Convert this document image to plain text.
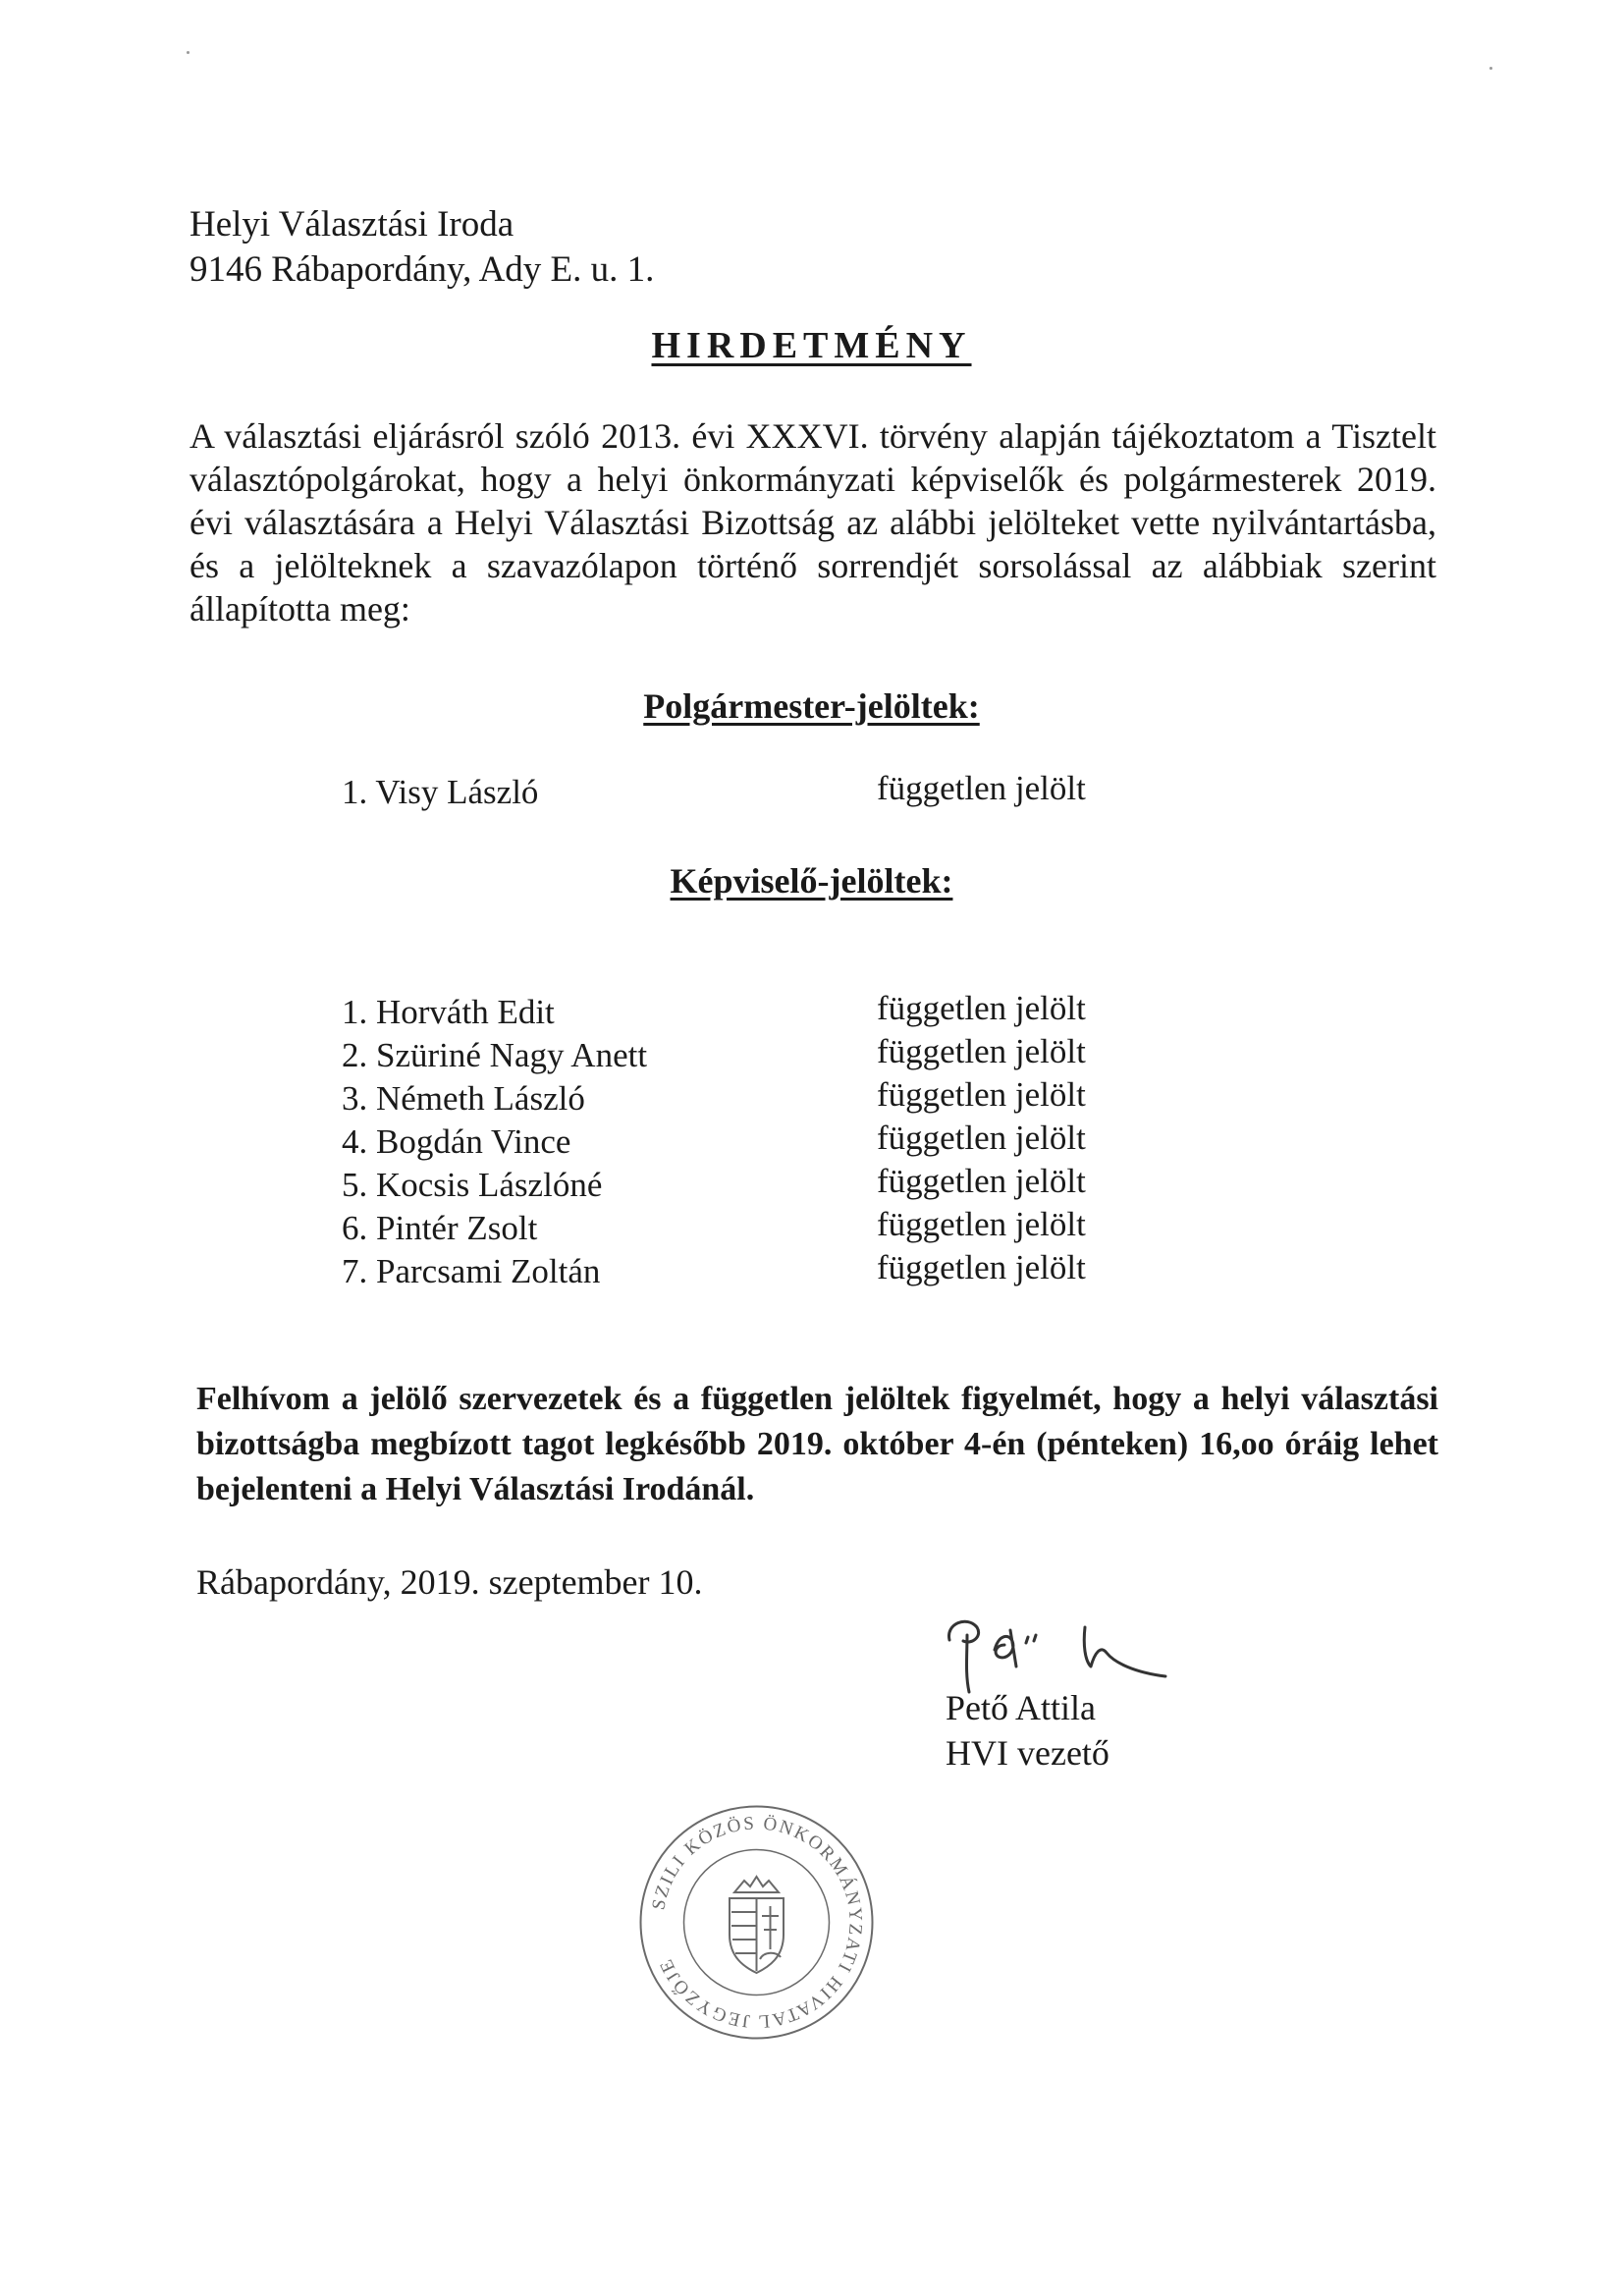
Helyi Választási Iroda
9146 Rábapordány, Ady E. u. 1.
HIRDETMÉNY

A választási eljárásról szóló 2013. évi XXXVI. törvény alapján tájékoztatom a Tisztelt választópolgárokat, hogy a helyi önkormányzati képviselők és polgármesterek 2019. évi választására a Helyi Választási Bizottság az alábbi jelölteket vette nyilvántartásba, és a jelölteknek a szavazólapon történő sorrendjét sorsolással az alábbiak szerint állapította meg:

Polgármester-jelöltek:
1. Visy László	független jelölt
Képviselő-jelöltek:
1. Horváth Edit	független jelölt
2. Szüriné Nagy Anett	független jelölt
3. Németh László	független jelölt
4. Bogdán Vince	független jelölt
5. Kocsis Lászlóné	független jelölt
6. Pintér Zsolt	független jelölt
7. Parcsami Zoltán	független jelölt

Felhívom a jelölő szervezetek és a független jelöltek figyelmét, hogy a helyi választási bizottságba megbízott tagot legkésőbb 2019. október 4-én (pénteken) 16,oo óráig lehet bejelenteni a Helyi Választási Irodánál.

Rábapordány, 2019. szeptember 10.
Pető Attila
HVI vezető
SZILI KÖZÖS ÖNKORMÁNYZATI HIVATAL JEGYZŐJE
